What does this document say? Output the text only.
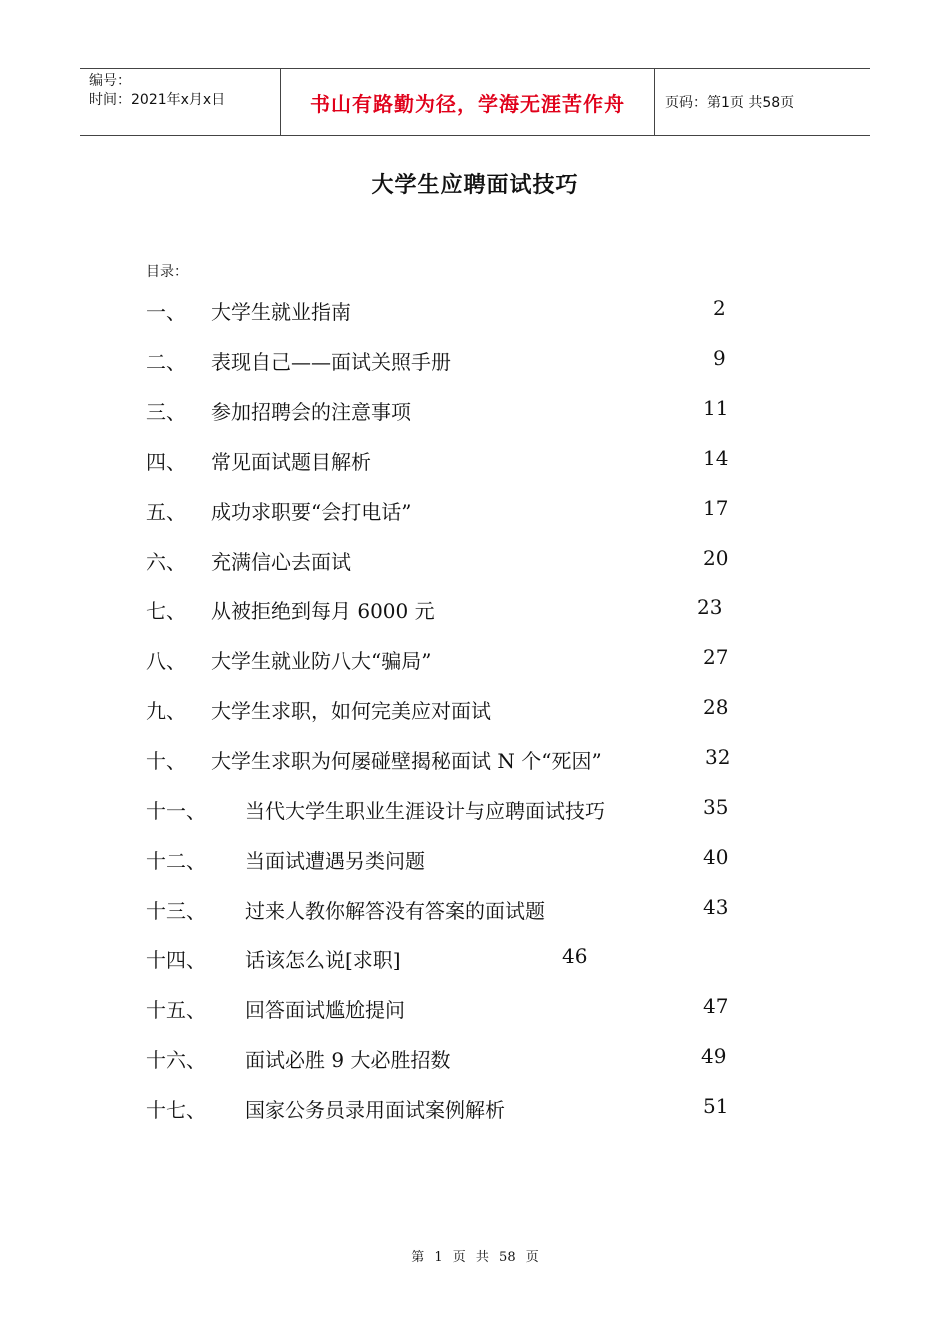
编号：
时间：2021年x月x日	书山有路勤为径，学海无涯苦作舟	页码：第1页 共58页
大学生应聘面试技巧
目录：
一、 大学生就业指南	2
二、 表现自己——面试关照手册	9
三、 参加招聘会的注意事项	11
四、 常见面试题目解析	14
五、 成功求职要“会打电话”	17
六、 充满信心去面试	20
七、 从被拒绝到每月 6000 元	23
八、 大学生就业防八大“骗局”	27
九、 大学生求职，如何完美应对面试	28
十、 大学生求职为何屡碰壁揭秘面试 N 个“死因”	32
十一、 当代大学生职业生涯设计与应聘面试技巧	35
十二、 当面试遭遇另类问题	40
十三、 过来人教你解答没有答案的面试题	43
十四、 话该怎么说[求职]	46
十五、 回答面试尴尬提问	47
十六、 面试必胜 9 大必胜招数	49
十七、 国家公务员录用面试案例解析	51
第 1 页 共 58 页
